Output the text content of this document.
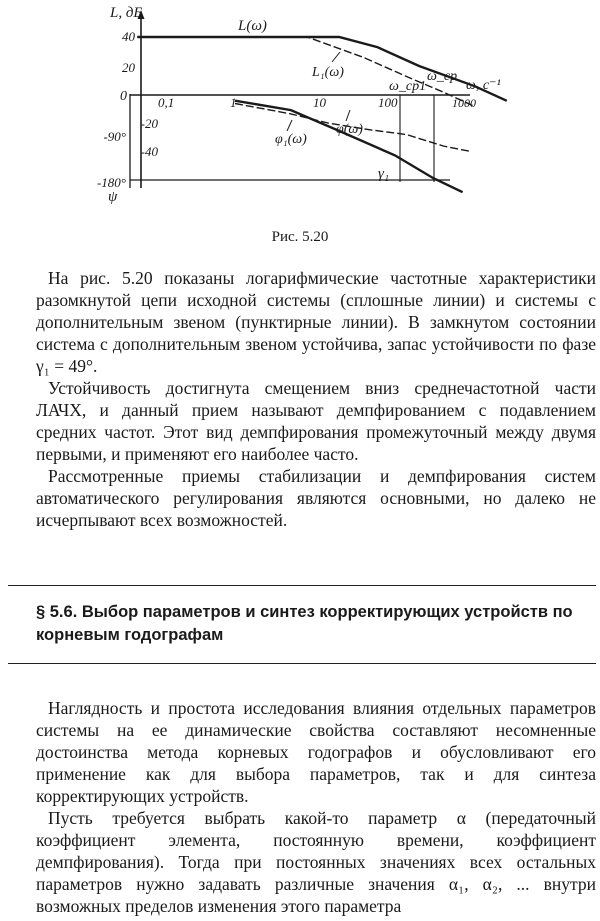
L, дБ
ψ
ω, c⁻¹
40
20
0
-20
-40
-90°
-180°
0,1	1	10	100	1000
L(ω)
L₁(ω)
φ(ω)
φ₁(ω)
ω_ср1
ω_ср
γ₁
Рис. 5.20

На рис. 5.20 показаны логарифмические частотные характеристики разомкнутой цепи исходной системы (сплошные линии) и системы с дополнительным звеном (пунктирные линии). В замкнутом состоянии система с дополнительным звеном устойчива, запас устойчивости по фазе γ₁ = 49°.

Устойчивость достигнута смещением вниз среднечастотной части ЛАЧХ, и данный прием называют демпфированием с подавлением средних частот. Этот вид демпфирования промежуточный между двумя первыми, и применяют его наиболее часто.

Рассмотренные приемы стабилизации и демпфирования систем автоматического регулирования являются основными, но далеко не исчерпывают всех возможностей.

§ 5.6. Выбор параметров и синтез корректирующих устройств по корневым годографам

Наглядность и простота исследования влияния отдельных параметров системы на ее динамические свойства составляют несомненные достоинства метода корневых годографов и обусловливают его применение как для выбора параметров, так и для синтеза корректирующих устройств.

Пусть требуется выбрать какой-то параметр α (передаточный коэффициент элемента, постоянную времени, коэффициент демпфирования). Тогда при постоянных значениях всех остальных параметров нужно задавать различные значения α₁, α₂, ... внутри возможных пределов изменения этого параметра
